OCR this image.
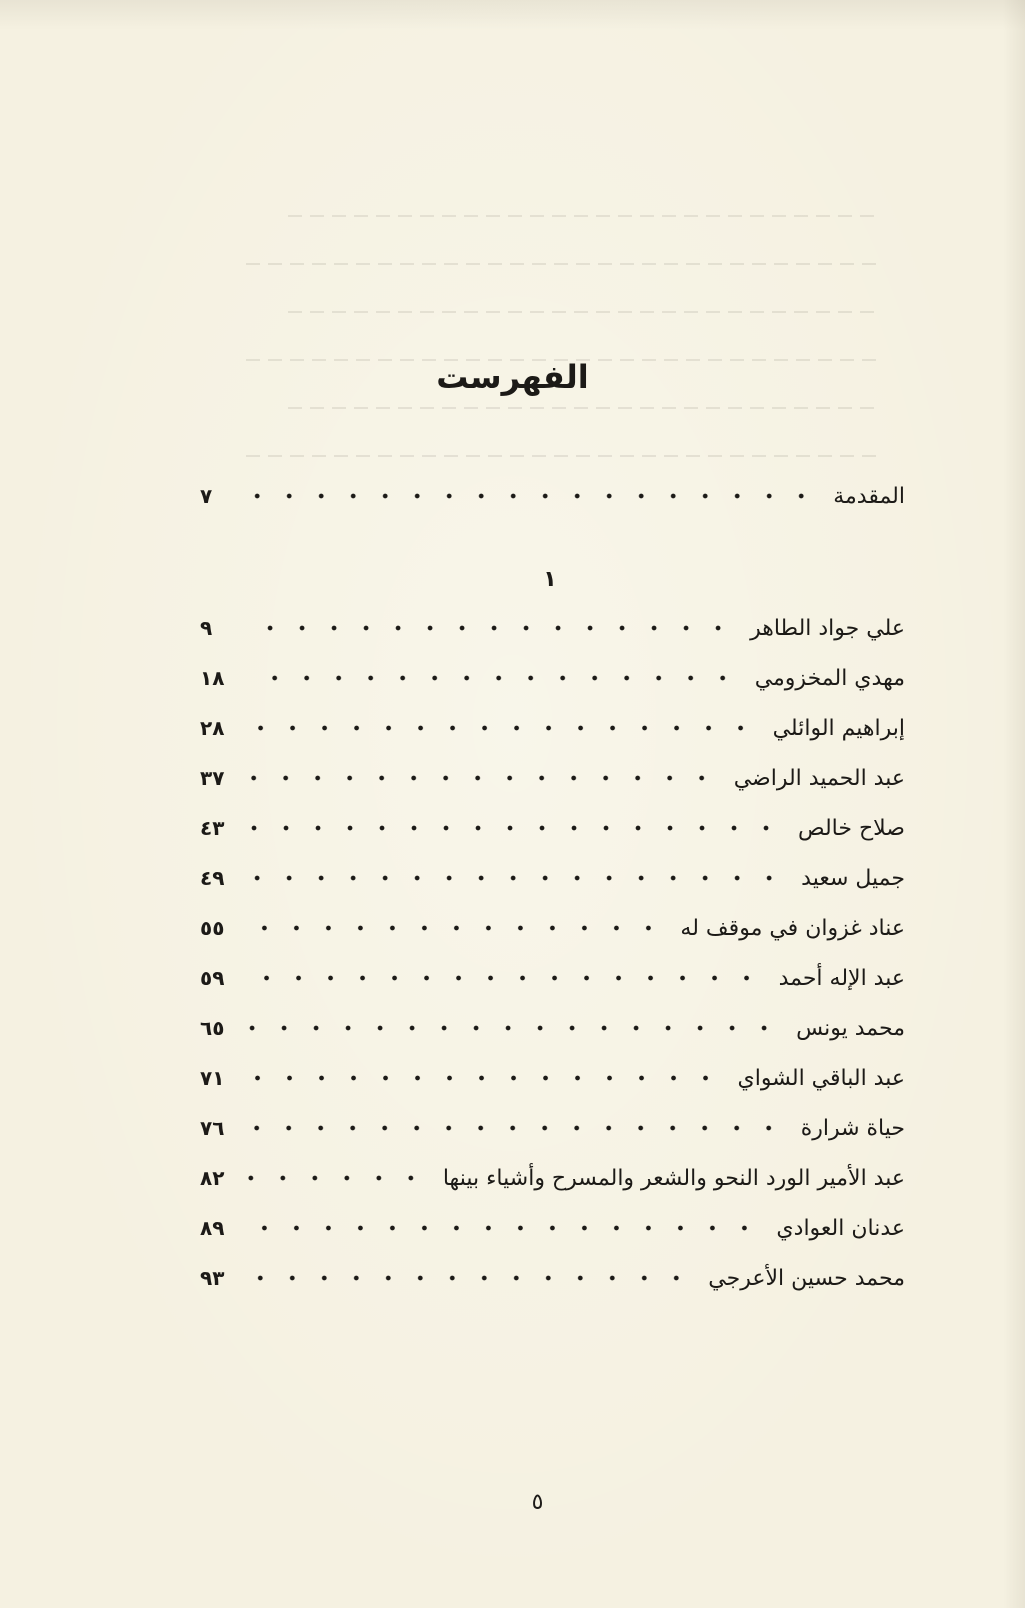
الفهرست
المقدمة
٧
١
علي جواد الطاهر
٩
مهدي المخزومي
١٨
إبراهيم الوائلي
٢٨
عبد الحميد الراضي
٣٧
صلاح خالص
٤٣
جميل سعيد
٤٩
عناد غزوان في موقف له
٥٥
عبد الإله أحمد
٥٩
محمد يونس
٦٥
عبد الباقي الشواي
٧١
حياة شرارة
٧٦
عبد الأمير الورد النحو والشعر والمسرح وأشياء بينها
٨٢
عدنان العوادي
٨٩
محمد حسين الأعرجي
٩٣
٥
